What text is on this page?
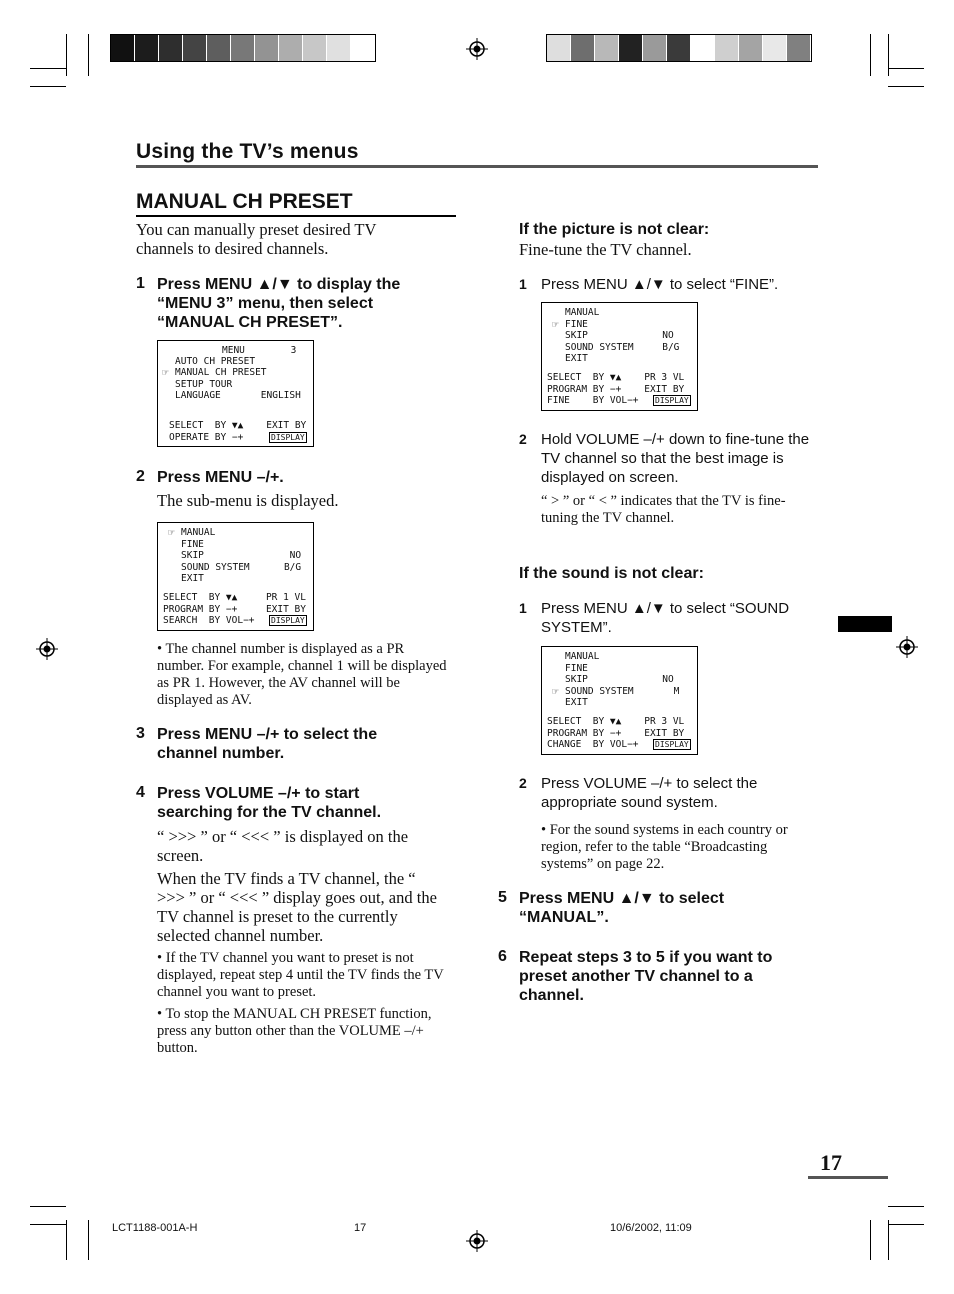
Using the TV’s menus
MANUAL CH PRESET
You can manually preset desired TV channels to desired channels.
1 Press MENU ▲/▼ to display the “MENU 3” menu, then select “MANUAL CH PRESET”.
MENU        3
AUTO CH PRESET
☞ MANUAL CH PRESET
SETUP TOUR
LANGUAGE       ENGLISH
SELECT  BY ▼▲    EXIT BY
OPERATE BY −+	DISPLAY
2 Press MENU –/+.
The sub-menu is displayed.
☞ MANUAL
FINE
SKIP               NO
SOUND SYSTEM      B/G
EXIT
SELECT  BY ▼▲     PR 1 VL
PROGRAM BY −+     EXIT BY
SEARCH  BY VOL−+ DISPLAY
• The channel number is displayed as a PR number. For example, channel 1 will be displayed as PR 1. However, the AV channel will be displayed as AV.
3 Press MENU –/+ to select the channel number.
4 Press VOLUME –/+ to start searching for the TV channel.
“ >>> ” or “ <<< ” is displayed on the screen.
When the TV finds a TV channel, the “ >>> ” or “ <<< ” display goes out, and the TV channel is preset to the currently selected channel number.
• If the TV channel you want to preset is not displayed, repeat step 4 until the TV finds the TV channel you want to preset.
• To stop the MANUAL CH PRESET function, press any button other than the VOLUME –/+ button.
If the picture is not clear:
Fine-tune the TV channel.
1 Press MENU ▲/▼ to select “FINE”.
MANUAL
☞ FINE
SKIP             NO
SOUND SYSTEM     B/G
EXIT
SELECT  BY ▼▲    PR 3 VL
PROGRAM BY −+    EXIT BY
FINE    BY VOL−+ DISPLAY
2 Hold VOLUME –/+ down to fine-tune the TV channel so that the best image is displayed on screen.
“ > ” or “ < ” indicates that the TV is fine-tuning the TV channel.
If the sound is not clear:
1 Press MENU ▲/▼ to select “SOUND SYSTEM”.
MANUAL
FINE
SKIP             NO
☞ SOUND SYSTEM       M
EXIT
SELECT  BY ▼▲    PR 3 VL
PROGRAM BY −+    EXIT BY
CHANGE  BY VOL−+ DISPLAY
2 Press VOLUME –/+ to select the appropriate sound system.
• For the sound systems in each country or region, refer to the table “Broadcasting systems” on page 22.
5 Press MENU ▲/▼ to select “MANUAL”.
6 Repeat steps 3 to 5 if you want to preset another TV channel to a channel.
17
LCT1188-001A-H	17	10/6/2002, 11:09
